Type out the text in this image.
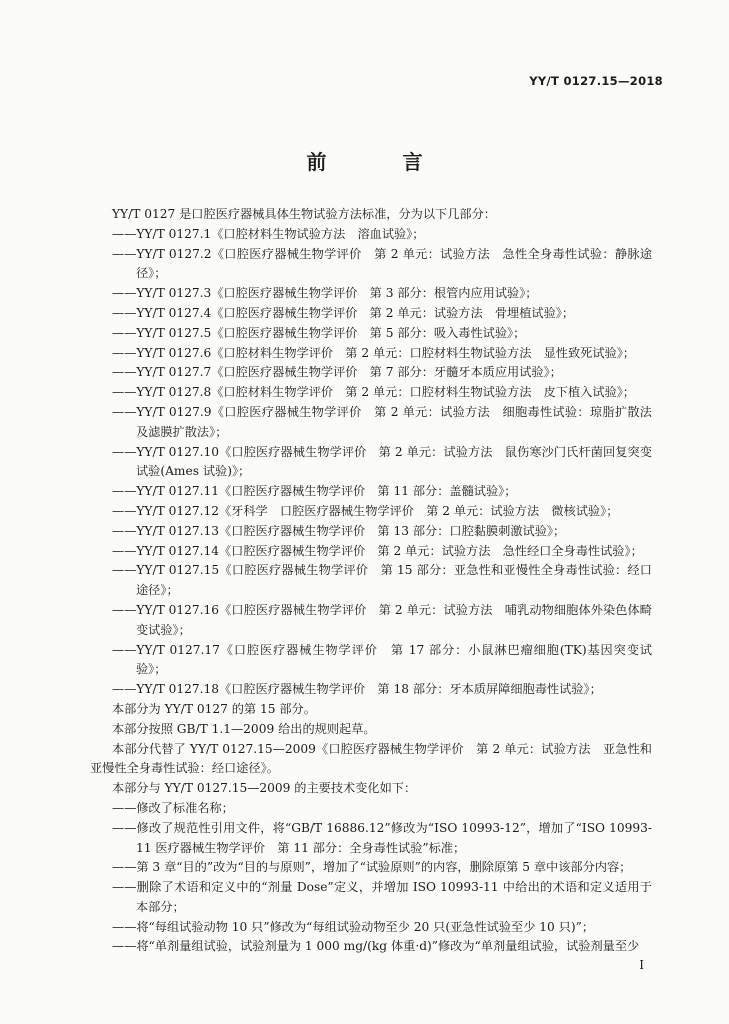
YY/T 0127.15—2018
前　言
YY/T 0127 是口腔医疗器械具体生物试验方法标准，分为以下几部分：
——YY/T 0127.1《口腔材料生物试验方法　溶血试验》；
——YY/T 0127.2《口腔医疗器械生物学评价　第 2 单元：试验方法　急性全身毒性试验：静脉途径》；
——YY/T 0127.3《口腔医疗器械生物学评价　第 3 部分：根管内应用试验》；
——YY/T 0127.4《口腔医疗器械生物学评价　第 2 单元：试验方法　骨埋植试验》；
——YY/T 0127.5《口腔医疗器械生物学评价　第 5 部分：吸入毒性试验》；
——YY/T 0127.6《口腔材料生物学评价　第 2 单元：口腔材料生物试验方法　显性致死试验》；
——YY/T 0127.7《口腔医疗器械生物学评价　第 7 部分：牙髓牙本质应用试验》；
——YY/T 0127.8《口腔材料生物学评价　第 2 单元：口腔材料生物试验方法　皮下植入试验》；
——YY/T 0127.9《口腔医疗器械生物学评价　第 2 单元：试验方法　细胞毒性试验：琼脂扩散法及滤膜扩散法》；
——YY/T 0127.10《口腔医疗器械生物学评价　第 2 单元：试验方法　鼠伤寒沙门氏杆菌回复突变试验(Ames 试验)》；
——YY/T 0127.11《口腔医疗器械生物学评价　第 11 部分：盖髓试验》；
——YY/T 0127.12《牙科学　口腔医疗器械生物学评价　第 2 单元：试验方法　微核试验》；
——YY/T 0127.13《口腔医疗器械生物学评价　第 13 部分：口腔黏膜刺激试验》；
——YY/T 0127.14《口腔医疗器械生物学评价　第 2 单元：试验方法　急性经口全身毒性试验》；
——YY/T 0127.15《口腔医疗器械生物学评价　第 15 部分：亚急性和亚慢性全身毒性试验：经口途径》；
——YY/T 0127.16《口腔医疗器械生物学评价　第 2 单元：试验方法　哺乳动物细胞体外染色体畸变试验》；
——YY/T 0127.17《口腔医疗器械生物学评价　第 17 部分：小鼠淋巴瘤细胞(TK)基因突变试验》；
——YY/T 0127.18《口腔医疗器械生物学评价　第 18 部分：牙本质屏障细胞毒性试验》；
本部分为 YY/T 0127 的第 15 部分。
本部分按照 GB/T 1.1—2009 给出的规则起草。
本部分代替了 YY/T 0127.15—2009《口腔医疗器械生物学评价　第 2 单元：试验方法　亚急性和亚慢性全身毒性试验：经口途径》。
本部分与 YY/T 0127.15—2009 的主要技术变化如下：
——修改了标准名称；
——修改了规范性引用文件，将“GB/T 16886.12”修改为“ISO 10993-12”，增加了“ISO 10993-11 医疗器械生物学评价　第 11 部分：全身毒性试验”标准；
——第 3 章“目的”改为“目的与原则”，增加了“试验原则”的内容，删除原第 5 章中该部分内容；
——删除了术语和定义中的“剂量 Dose”定义，并增加 ISO 10993-11 中给出的术语和定义适用于本部分；
——将“每组试验动物 10 只”修改为“每组试验动物至少 20 只(亚急性试验至少 10 只)”；
——将“单剂量组试验，试验剂量为 1 000 mg/(kg 体重·d)”修改为“单剂量组试验，试验剂量至少
I
